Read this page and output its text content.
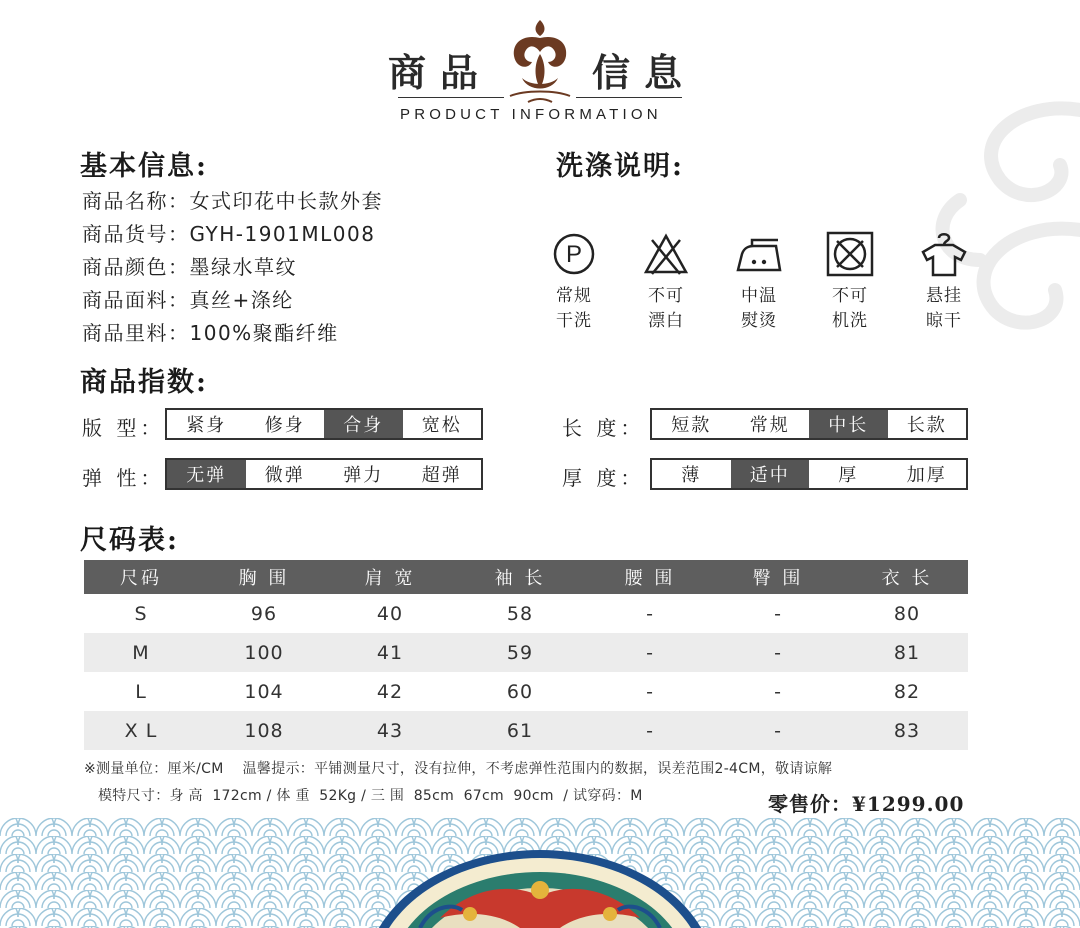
商品	信息
PRODUCT INFORMATION
基本信息:
商品名称：女式印花中长款外套
商品货号：GYH-1901ML008
商品颜色：墨绿水草纹
商品面料：真丝+涤纶
商品里料：100%聚酯纤维
洗涤说明:
P
常规
干洗
不可
漂白
中温
熨烫
不可
机洗
悬挂
晾干
商品指数:
版 型：	紧身	修身	合身	宽松
弹 性：	无弹	微弹	弹力	超弹
长 度：	短款	常规	中长	长款
厚 度：	薄	适中	厚	加厚
尺码表:
尺码	胸 围	肩 宽	袖 长	腰 围	臀 围	衣 长
S	96	40	58	-	-	80
M	100	41	59	-	-	81
L	104	42	60	-	-	82
X L	108	43	61	-	-	83
※测量单位：厘米/CM    温馨提示：平铺测量尺寸，没有拉伸，不考虑弹性范围内的数据，误差范围2-4CM，敬请谅解
模特尺寸：身 高  172cm / 体 重  52Kg / 三 围  85cm  67cm  90cm  / 试穿码：M	零售价：¥1299.00
